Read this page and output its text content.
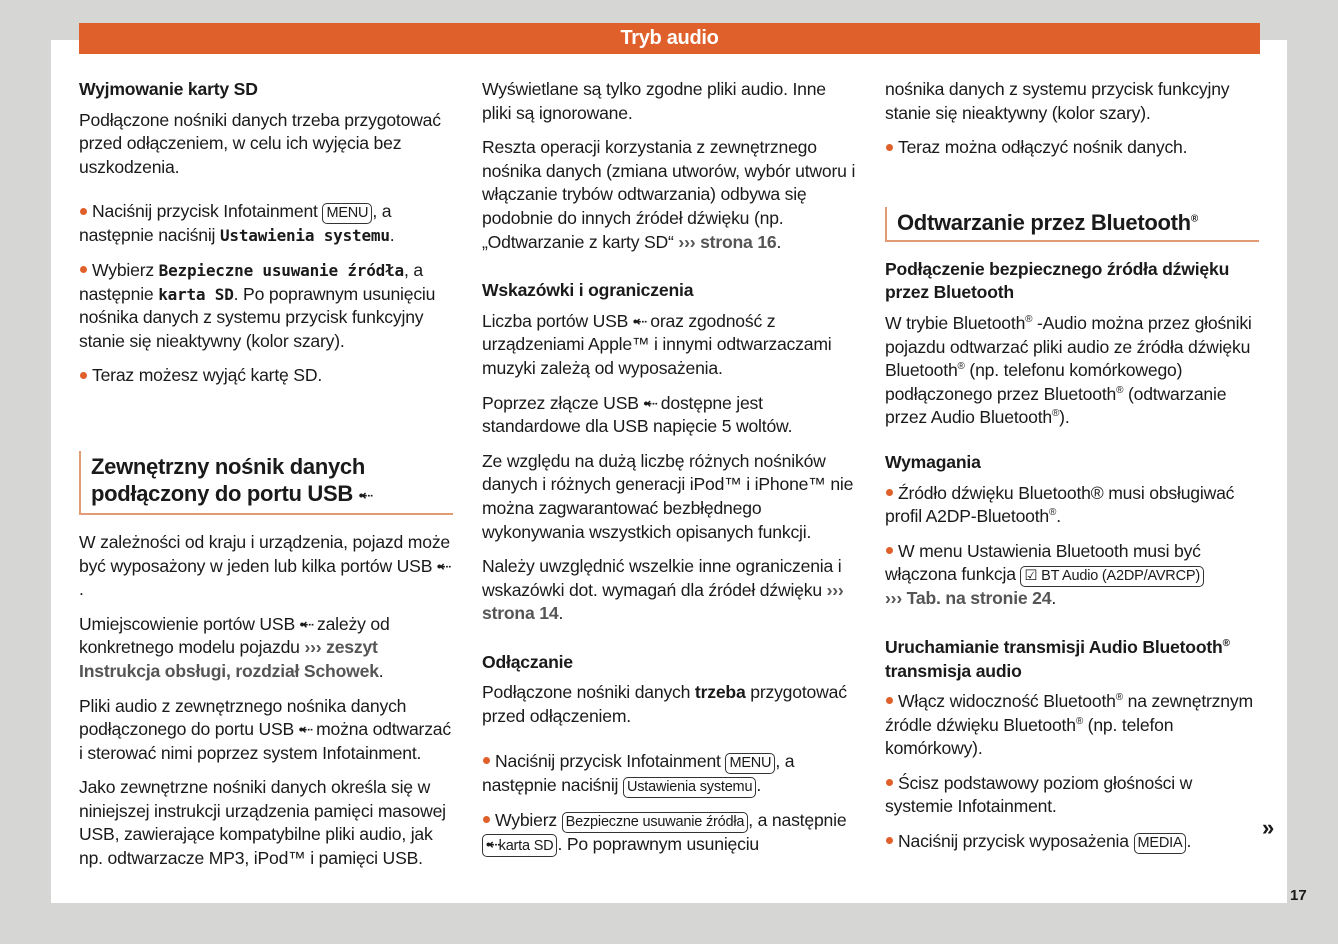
Tryb audio
Wyjmowanie karty SD

Podłączone nośniki danych trzeba przygotować przed odłączeniem, w celu ich wyjęcia bez uszkodzenia.

Naciśnij przycisk Infotainment MENU , a następnie naciśnij Ustawienia systemu.

Wybierz Bezpieczne usuwanie źródła, a następnie karta SD. Po poprawnym usunięciu nośnika danych z systemu przycisk funkcyjny stanie się nieaktywny (kolor szary).

Teraz możesz wyjąć kartę SD.

Zewnętrzny nośnik danych podłączony do portu USB •⇠

W zależności od kraju i urządzenia, pojazd może być wyposażony w jeden lub kilka portów USB •⇠.

Umiejscowienie portów USB •⇠ zależy od konkretnego modelu pojazdu ››› zeszyt Instrukcja obsługi, rozdział Schowek.

Pliki audio z zewnętrznego nośnika danych podłączonego do portu USB •⇠ można odtwarzać i sterować nimi poprzez system Infotainment.

Jako zewnętrzne nośniki danych określa się w niniejszej instrukcji urządzenia pamięci masowej USB, zawierające kompatybilne pliki audio, jak np. odtwarzacze MP3, iPod™ i pamięci USB.

Wyświetlane są tylko zgodne pliki audio. Inne pliki są ignorowane.

Reszta operacji korzystania z zewnętrznego nośnika danych (zmiana utworów, wybór utworu i włączanie trybów odtwarzania) odbywa się podobnie do innych źródeł dźwięku (np. „Odtwarzanie z karty SD“ ››› strona 16.

Wskazówki i ograniczenia

Liczba portów USB •⇠ oraz zgodność z urządzeniami Apple™ i innymi odtwarzaczami muzyki zależą od wyposażenia.

Poprzez złącze USB •⇠ dostępne jest standardowe dla USB napięcie 5 woltów.

Ze względu na dużą liczbę różnych nośników danych i różnych generacji iPod™ i iPhone™ nie można zagwarantować bezbłędnego wykonywania wszystkich opisanych funkcji.

Należy uwzględnić wszelkie inne ograniczenia i wskazówki dot. wymagań dla źródeł dźwięku ››› strona 14.

Odłączanie

Podłączone nośniki danych trzeba przygotować przed odłączeniem.

Naciśnij przycisk Infotainment MENU , a następnie naciśnij Ustawienia systemu .

Wybierz Bezpieczne usuwanie źródła , a następnie •⇠karta SD . Po poprawnym usunięciu

nośnika danych z systemu przycisk funkcyjny stanie się nieaktywny (kolor szary).

Teraz można odłączyć nośnik danych.

Odtwarzanie przez Bluetooth®
Podłączenie bezpiecznego źródła dźwięku przez Bluetooth

W trybie Bluetooth® -Audio można przez głośniki pojazdu odtwarzać pliki audio ze źródła dźwięku Bluetooth® (np. telefonu komórkowego) podłączonego przez Bluetooth® (odtwarzanie przez Audio Bluetooth®).

Wymagania

Źródło dźwięku Bluetooth® musi obsługiwać profil A2DP-Bluetooth®.

W menu Ustawienia Bluetooth musi być włączona funkcja ☑ BT Audio (A2DP/AVRCP)
››› Tab. na stronie 24.

Uruchamianie transmisji Audio Bluetooth®
transmisja audio

Włącz widoczność Bluetooth® na zewnętrznym źródle dźwięku Bluetooth® (np. telefon komórkowy).

Ścisz podstawowy poziom głośności w systemie Infotainment.

Naciśnij przycisk wyposażenia MEDIA .

»
17
